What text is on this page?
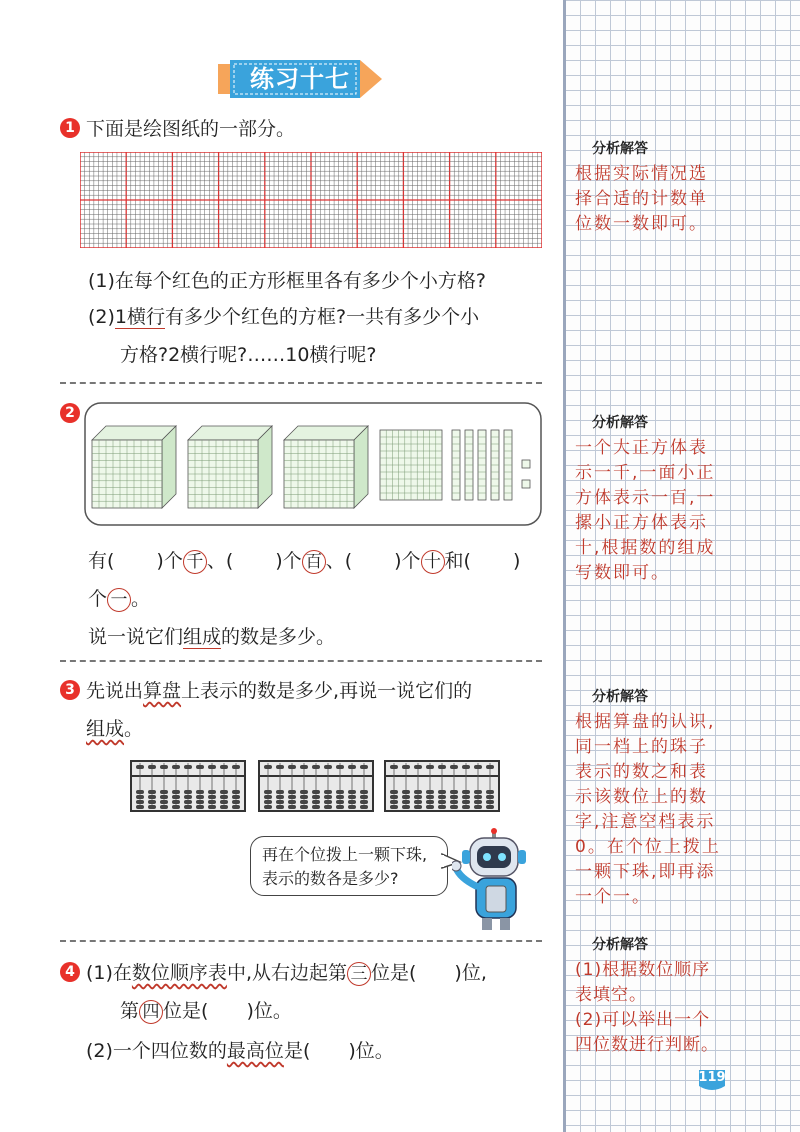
练习十七
1 下面是绘图纸的一部分。
(1)在每个红色的正方形框里各有多少个小方格?
(2)1横行有多少个红色的方框?一共有多少个小
方格?2横行呢?……10横行呢?
2
有( )个 千 、( )个 百 、( )个 十 和( )
个 一 。
说一说它们组成的数是多少。
3 先说出算盘上表示的数是多少,再说一说它们的
组成。
再在个位拨上一颗下珠,
表示的数各是多少?
4 (1)在数位顺序表中,从右边起第 三 位是( )位,
第 四 位是( )位。
(2)一个四位数的最高位是( )位。
分析解答
根据实际情况选择合适的计数单位数一数即可。
分析解答
一个大正方体表示一千,一面小正方体表示一百,一摞小正方体表示十,根据数的组成写数即可。
分析解答
根据算盘的认识,同一档上的珠子表示的数之和表示该数位上的数字,注意空档表示0。在个位上拨上一颗下珠,即再添一个一。
分析解答
(1)根据数位顺序表填空。
(2)可以举出一个四位数进行判断。
119
